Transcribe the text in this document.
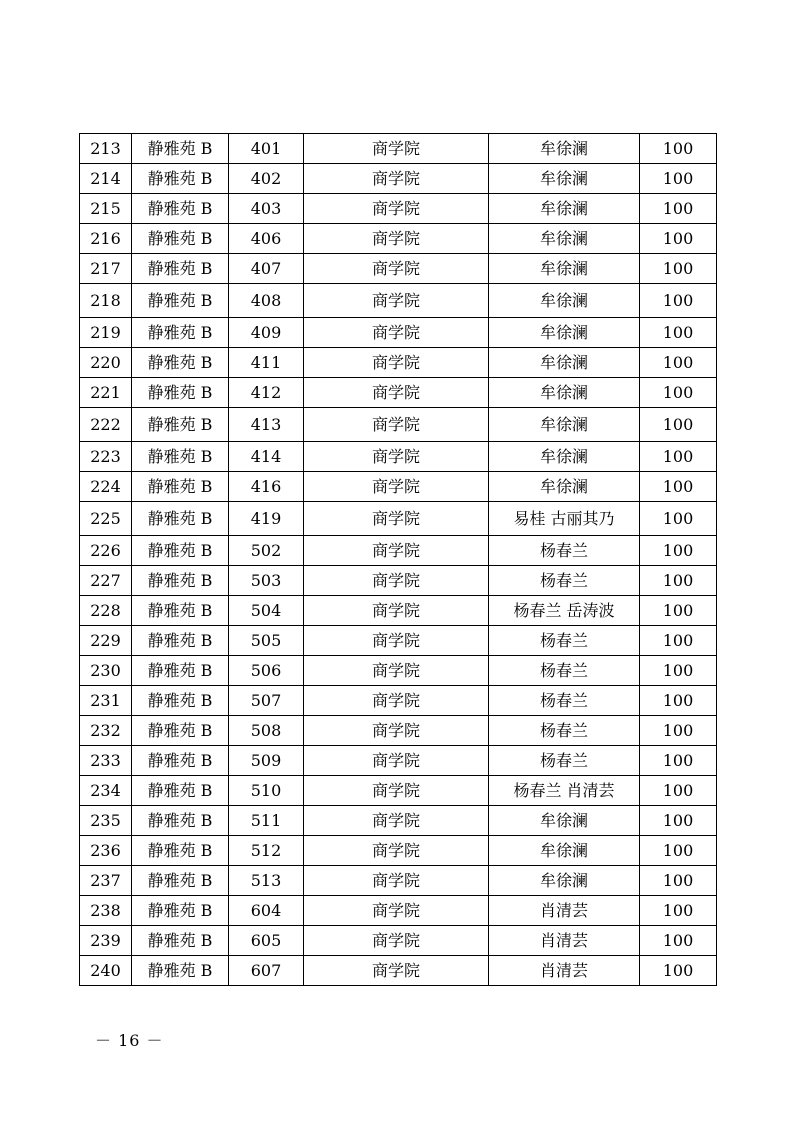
213	静雅苑 B	401	商学院	牟徐澜	100
214	静雅苑 B	402	商学院	牟徐澜	100
215	静雅苑 B	403	商学院	牟徐澜	100
216	静雅苑 B	406	商学院	牟徐澜	100
217	静雅苑 B	407	商学院	牟徐澜	100
218	静雅苑 B	408	商学院	牟徐澜	100
219	静雅苑 B	409	商学院	牟徐澜	100
220	静雅苑 B	411	商学院	牟徐澜	100
221	静雅苑 B	412	商学院	牟徐澜	100
222	静雅苑 B	413	商学院	牟徐澜	100
223	静雅苑 B	414	商学院	牟徐澜	100
224	静雅苑 B	416	商学院	牟徐澜	100
225	静雅苑 B	419	商学院	易桂 古丽其乃	100
226	静雅苑 B	502	商学院	杨春兰	100
227	静雅苑 B	503	商学院	杨春兰	100
228	静雅苑 B	504	商学院	杨春兰 岳涛波	100
229	静雅苑 B	505	商学院	杨春兰	100
230	静雅苑 B	506	商学院	杨春兰	100
231	静雅苑 B	507	商学院	杨春兰	100
232	静雅苑 B	508	商学院	杨春兰	100
233	静雅苑 B	509	商学院	杨春兰	100
234	静雅苑 B	510	商学院	杨春兰 肖清芸	100
235	静雅苑 B	511	商学院	牟徐澜	100
236	静雅苑 B	512	商学院	牟徐澜	100
237	静雅苑 B	513	商学院	牟徐澜	100
238	静雅苑 B	604	商学院	肖清芸	100
239	静雅苑 B	605	商学院	肖清芸	100
240	静雅苑 B	607	商学院	肖清芸	100
－ 16 －
